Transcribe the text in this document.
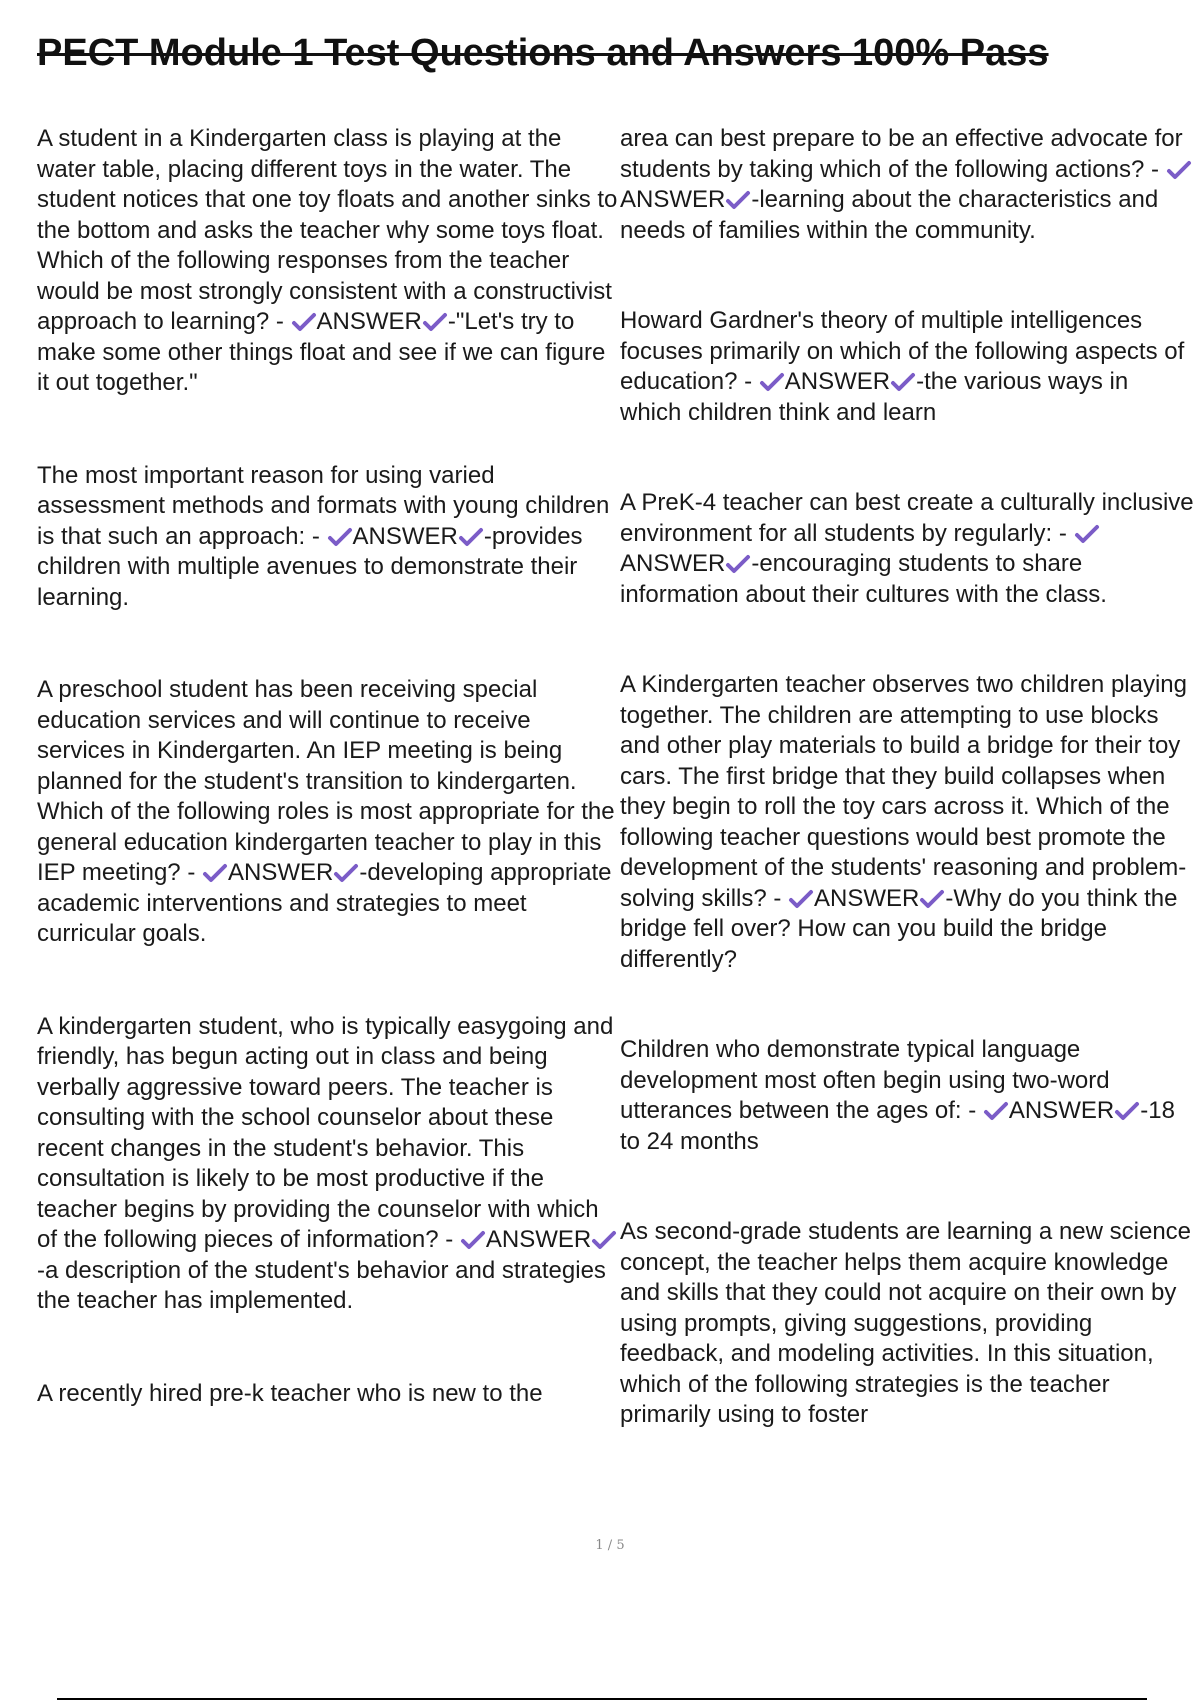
PECT Module 1 Test Questions and Answers 100% Pass

A student in a Kindergarten class is playing at the water table, placing different toys in the water. The student notices that one toy floats and another sinks to the bottom and asks the teacher why some toys float. Which of the following responses from the teacher would be most strongly consistent with a constructivist approach to learning? -
ANSWER -"Let's try to make some other things float and see if we can figure it out together."

The most important reason for using varied assessment methods and formats with young children is that such an approach: -
ANSWER -provides children with multiple avenues to demonstrate their learning.

A preschool student has been receiving special education services and will continue to receive services in Kindergarten. An IEP meeting is being planned for the student's transition to kindergarten. Which of the following roles is most appropriate for the general education kindergarten teacher to play in this IEP meeting? -
ANSWER -developing appropriate academic interventions and strategies to meet curricular goals.

A kindergarten student, who is typically easygoing and friendly, has begun acting out in class and being verbally aggressive toward peers. The teacher is consulting with the school counselor about these recent changes in the student's behavior. This consultation is likely to be most productive if the teacher begins by providing the counselor with which of the following pieces of information? -
ANSWER
-a description of the student's behavior and strategies the teacher has implemented.

A recently hired pre-k teacher who is new to the

area can best prepare to be an effective advocate for students by taking which of the following actions? -
ANSWER -learning about the characteristics and needs of families within the community.

Howard Gardner's theory of multiple intelligences focuses primarily on which of the following aspects of education? -
ANSWER -the various ways in which children think and learn

A PreK-4 teacher can best create a culturally inclusive environment for all students by regularly: -
ANSWER -encouraging students to share information about their cultures with the class.

A Kindergarten teacher observes two children playing together. The children are attempting to use blocks and other play materials to build a bridge for their toy cars. The first bridge that they build collapses when they begin to roll the toy cars across it. Which of the following teacher questions would best promote the development of the students' reasoning and problem-solving skills? -
ANSWER -Why do you think the bridge fell over? How can you build the bridge differently?

Children who demonstrate typical language development most often begin using two-word utterances between the ages of: -
ANSWER -18 to 24 months

As second-grade students are learning a new science concept, the teacher helps them acquire knowledge and skills that they could not acquire on their own by using prompts, giving suggestions, providing feedback, and modeling activities. In this situation, which of the following strategies is the teacher primarily using to foster

1 / 5
